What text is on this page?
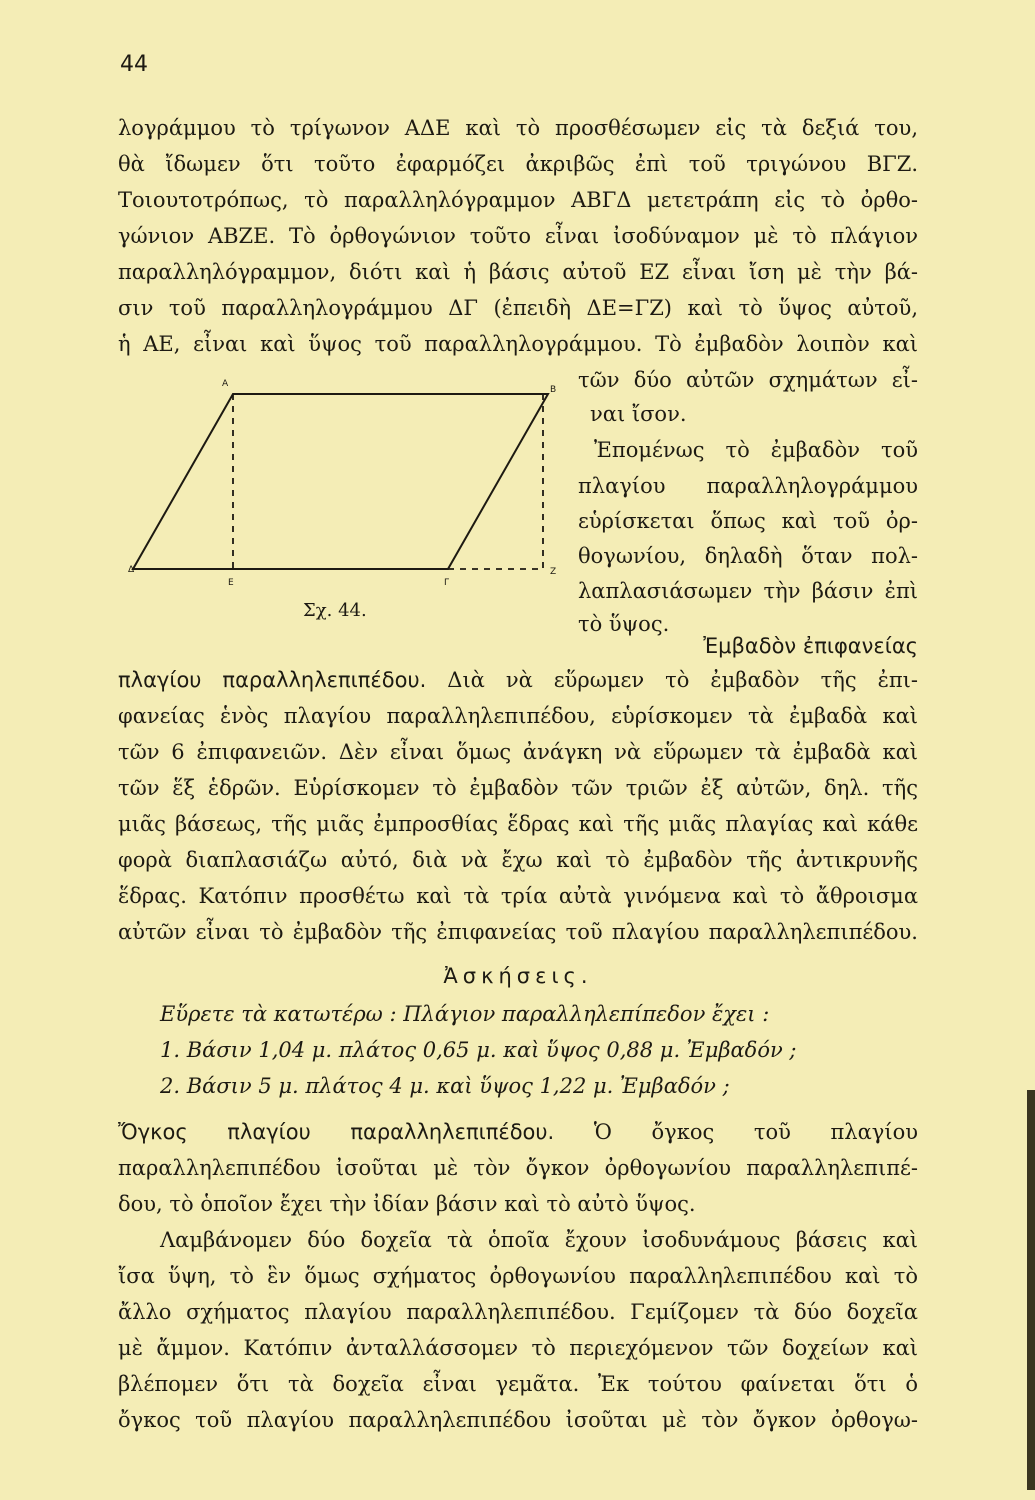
44
λογράμμου τὸ τρίγωνον ΑΔΕ καὶ τὸ προσθέσωμεν εἰς τὰ δεξιά του,
θὰ ἴδωμεν ὅτι τοῦτο ἐφαρμόζει ἀκριβῶς ἐπὶ τοῦ τριγώνου ΒΓΖ.
Τοιουτοτρόπως, τὸ παραλληλόγραμμον ΑΒΓΔ μετετράπη εἰς τὸ ὀρθο-
γώνιον ΑΒΖΕ. Τὸ ὀρθογώνιον τοῦτο εἶναι ἰσοδύναμον μὲ τὸ πλάγιον
παραλληλόγραμμον, διότι καὶ ἡ βάσις αὐτοῦ ΕΖ εἶναι ἴση μὲ τὴν βά-
σιν τοῦ παραλληλογράμμου ΔΓ (ἐπειδὴ ΔΕ=ΓΖ) καὶ τὸ ὕψος αὐτοῦ,
ἡ ΑΕ, εἶναι καὶ ὕψος τοῦ παραλληλογράμμου. Τὸ ἐμβαδὸν λοιπὸν καὶ
τῶν δύο αὐτῶν σχημάτων εἶ-
ναι ἴσον.
Ἐπομένως τὸ ἐμβαδὸν τοῦ
πλαγίου παραλληλογράμμου
εὑρίσκεται ὅπως καὶ τοῦ ὀρ-
θογωνίου, δηλαδὴ ὅταν πολ-
λαπλασιάσωμεν τὴν βάσιν ἐπὶ
τὸ ὕψος.
Α
Β
Γ
Δ
Ε
Ζ
Σχ. 44.
Ἐμβαδὸν ἐπιφανείας
πλαγίου παραλληλεπιπέδου. Διὰ νὰ εὕρωμεν τὸ ἐμβαδὸν τῆς ἐπι-
φανείας ἑνὸς πλαγίου παραλληλεπιπέδου, εὑρίσκομεν τὰ ἐμβαδὰ καὶ
τῶν 6 ἐπιφανειῶν. Δὲν εἶναι ὅμως ἀνάγκη νὰ εὕρωμεν τὰ ἐμβαδὰ καὶ
τῶν ἕξ ἑδρῶν. Εὑρίσκομεν τὸ ἐμβαδὸν τῶν τριῶν ἐξ αὐτῶν, δηλ. τῆς
μιᾶς βάσεως, τῆς μιᾶς ἐμπροσθίας ἕδρας καὶ τῆς μιᾶς πλαγίας καὶ κάθε
φορὰ διαπλασιάζω αὐτό, διὰ νὰ ἔχω καὶ τὸ ἐμβαδὸν τῆς ἀντικρυνῆς
ἕδρας. Κατόπιν προσθέτω καὶ τὰ τρία αὐτὰ γινόμενα καὶ τὸ ἄθροισμα
αὐτῶν εἶναι τὸ ἐμβαδὸν τῆς ἐπιφανείας τοῦ πλαγίου παραλληλεπιπέδου.
Ἀσκήσεις.
Εὕρετε τὰ κατωτέρω : Πλάγιον παραλληλεπίπεδον ἔχει :
1. Βάσιν 1,04 μ. πλάτος 0,65 μ. καὶ ὕψος 0,88 μ. Ἐμβαδόν ;
2. Βάσιν 5 μ. πλάτος 4 μ. καὶ ὕψος 1,22 μ. Ἐμβαδόν ;
Ὄγκος πλαγίου παραλληλεπιπέδου. Ὁ ὄγκος τοῦ πλαγίου
παραλληλεπιπέδου ἰσοῦται μὲ τὸν ὄγκον ὀρθογωνίου παραλληλεπιπέ-
δου, τὸ ὁποῖον ἔχει τὴν ἰδίαν βάσιν καὶ τὸ αὐτὸ ὕψος.
Λαμβάνομεν δύο δοχεῖα τὰ ὁποῖα ἔχουν ἰσοδυνάμους βάσεις καὶ
ἴσα ὕψη, τὸ ἓν ὅμως σχήματος ὀρθογωνίου παραλληλεπιπέδου καὶ τὸ
ἄλλο σχήματος πλαγίου παραλληλεπιπέδου. Γεμίζομεν τὰ δύο δοχεῖα
μὲ ἄμμον. Κατόπιν ἀνταλλάσσομεν τὸ περιεχόμενον τῶν δοχείων καὶ
βλέπομεν ὅτι τὰ δοχεῖα εἶναι γεμᾶτα. Ἐκ τούτου φαίνεται ὅτι ὁ
ὄγκος τοῦ πλαγίου παραλληλεπιπέδου ἰσοῦται μὲ τὸν ὄγκον ὀρθογω-
